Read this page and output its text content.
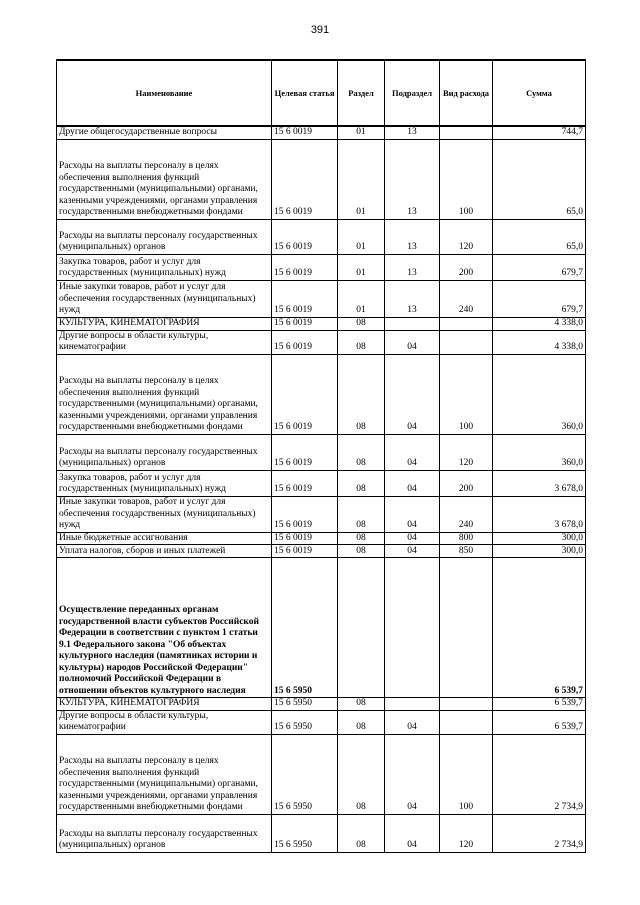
391
Наименование	Целевая статья	Раздел	Подраздел	Вид расхода	Сумма
Другие общегосударственные вопросы	15 6 0019	01	13		744,7
Расходы на выплаты персоналу в целях обеспечения выполнения функций государственными (муниципальными) органами, казенными учреждениями, органами управления государственными внебюджетными фондами	15 6 0019	01	13	100	65,0
Расходы на выплаты персоналу государственных (муниципальных) органов	15 6 0019	01	13	120	65,0
Закупка товаров, работ и услуг для государственных (муниципальных) нужд	15 6 0019	01	13	200	679,7
Иные закупки товаров, работ и услуг для обеспечения государственных (муниципальных) нужд	15 6 0019	01	13	240	679,7
КУЛЬТУРА, КИНЕМАТОГРАФИЯ	15 6 0019	08			4 338,0
Другие вопросы в области культуры, кинематографии	15 6 0019	08	04		4 338,0
Расходы на выплаты персоналу в целях обеспечения выполнения функций государственными (муниципальными) органами, казенными учреждениями, органами управления государственными внебюджетными фондами	15 6 0019	08	04	100	360,0
Расходы на выплаты персоналу государственных (муниципальных) органов	15 6 0019	08	04	120	360,0
Закупка товаров, работ и услуг для государственных (муниципальных) нужд	15 6 0019	08	04	200	3 678,0
Иные закупки товаров, работ и услуг для обеспечения государственных (муниципальных) нужд	15 6 0019	08	04	240	3 678,0
Иные бюджетные ассигнования	15 6 0019	08	04	800	300,0
Уплата налогов, сборов и иных платежей	15 6 0019	08	04	850	300,0
Осуществление переданных органам государственной власти субъектов Российской Федерации в соответствии с пунктом 1 статьи 9.1 Федерального закона "Об объектах культурного наследия (памятниках истории и культуры) народов Российской Федерации" полномочий Российской Федерации в отношении объектов культурного наследия	15 6 5950				6 539,7
КУЛЬТУРА, КИНЕМАТОГРАФИЯ	15 6 5950	08			6 539,7
Другие вопросы в области культуры, кинематографии	15 6 5950	08	04		6 539,7
Расходы на выплаты персоналу в целях обеспечения выполнения функций государственными (муниципальными) органами, казенными учреждениями, органами управления государственными внебюджетными фондами	15 6 5950	08	04	100	2 734,9
Расходы на выплаты персоналу государственных (муниципальных) органов	15 6 5950	08	04	120	2 734,9
